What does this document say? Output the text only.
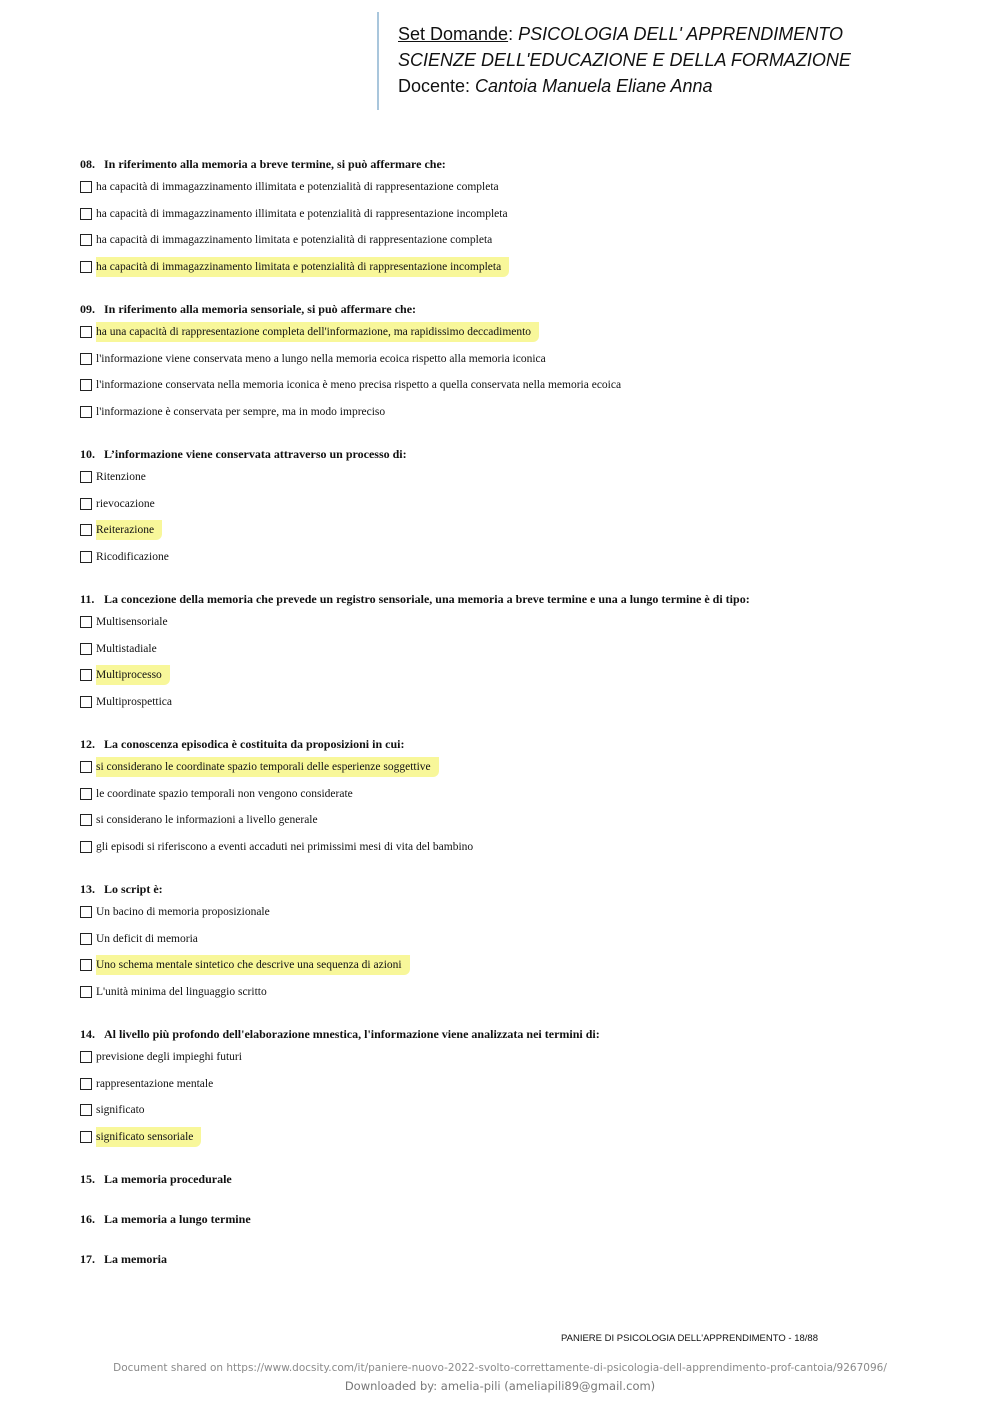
Set Domande: PSICOLOGIA DELL' APPRENDIMENTO
SCIENZE DELL'EDUCAZIONE E DELLA FORMAZIONE
Docente: Cantoia Manuela Eliane Anna
08. In riferimento alla memoria a breve termine, si può affermare che:
ha capacità di immagazzinamento illimitata e potenzialità di rappresentazione completa
ha capacità di immagazzinamento illimitata e potenzialità di rappresentazione incompleta
ha capacità di immagazzinamento limitata e potenzialità di rappresentazione completa
ha capacità di immagazzinamento limitata e potenzialità di rappresentazione incompleta
09. In riferimento alla memoria sensoriale, si può affermare che:
ha una capacità di rappresentazione completa dell'informazione, ma rapidissimo deccadimento
l'informazione viene conservata meno a lungo nella memoria ecoica rispetto alla memoria iconica
l'informazione conservata nella memoria iconica è meno precisa rispetto a quella conservata nella memoria ecoica
l'informazione è conservata per sempre, ma in modo impreciso
10. L’informazione viene conservata attraverso un processo di:
Ritenzione
rievocazione
Reiterazione
Ricodificazione
11. La concezione della memoria che prevede un registro sensoriale, una memoria a breve termine e una a lungo termine è di tipo:
Multisensoriale
Multistadiale
Multiprocesso
Multiprospettica
12. La conoscenza episodica è costituita da proposizioni in cui:
si considerano le coordinate spazio temporali delle esperienze soggettive
le coordinate spazio temporali non vengono considerate
si considerano le informazioni a livello generale
gli episodi si riferiscono a eventi accaduti nei primissimi mesi di vita del bambino
13. Lo script è:
Un bacino di memoria proposizionale
Un deficit di memoria
Uno schema mentale sintetico che descrive una sequenza di azioni
L'unità minima del linguaggio scritto
14. Al livello più profondo dell'elaborazione mnestica, l'informazione viene analizzata nei termini di:
previsione degli impieghi futuri
rappresentazione mentale
significato
significato sensoriale
15. La memoria procedurale
16. La memoria a lungo termine
17. La memoria
PANIERE DI PSICOLOGIA DELL'APPRENDIMENTO - 18/88
Document shared on https://www.docsity.com/it/paniere-nuovo-2022-svolto-correttamente-di-psicologia-dell-apprendimento-prof-cantoia/9267096/
Downloaded by: amelia-pili (ameliapili89@gmail.com)
